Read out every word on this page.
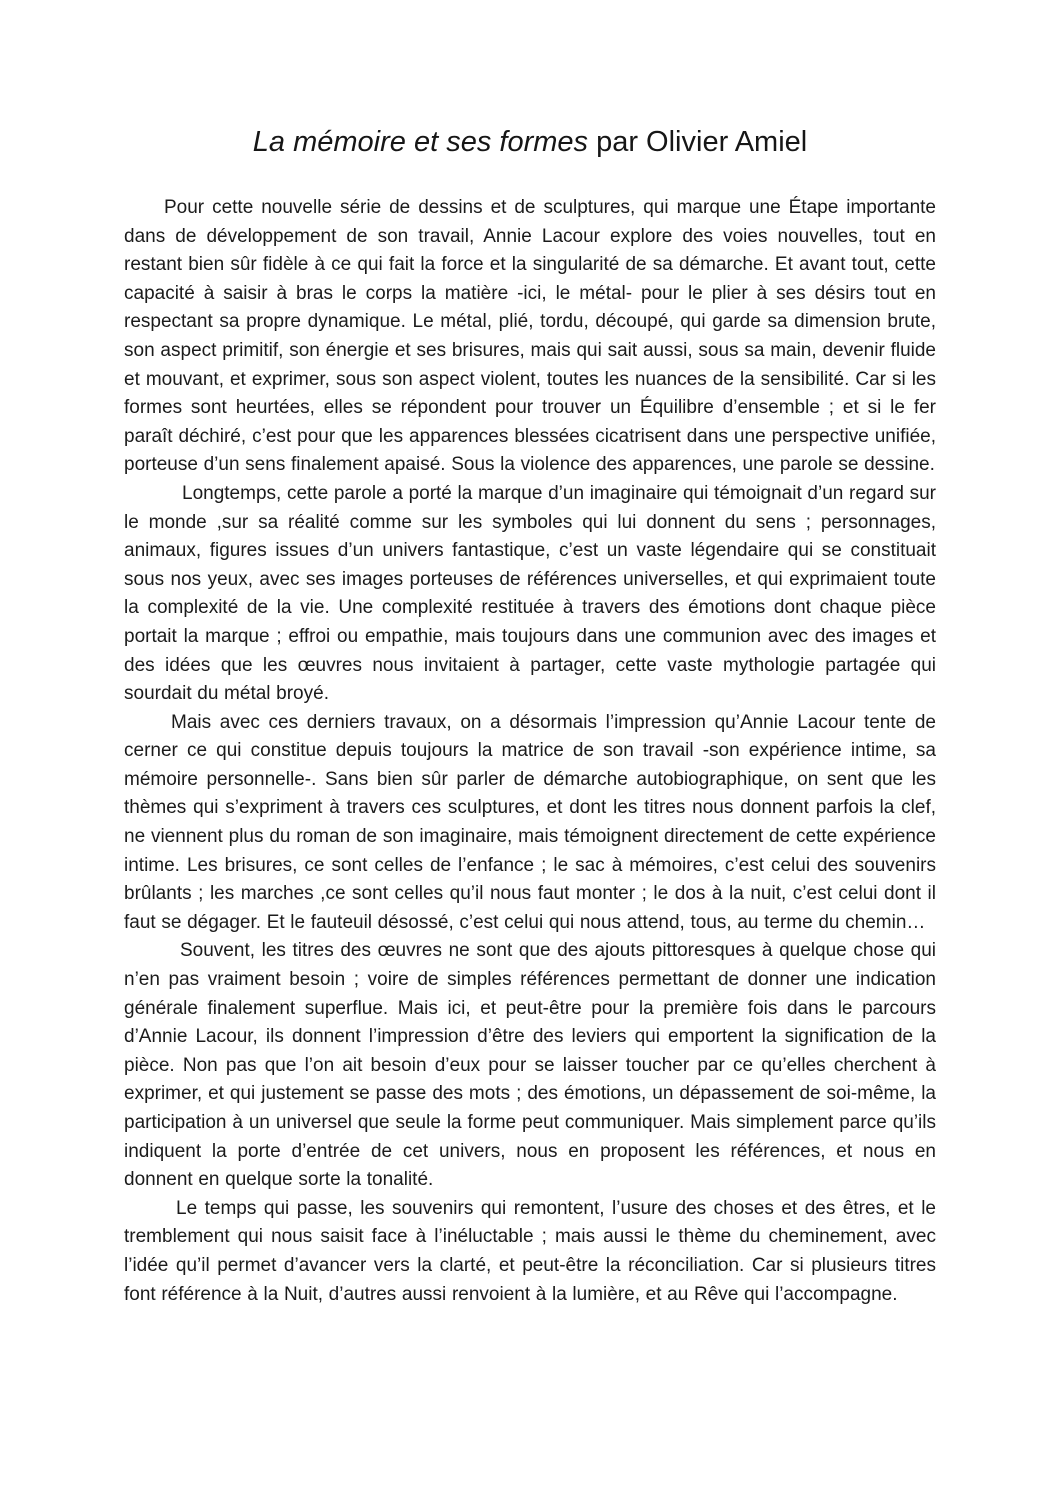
La mémoire et ses formes par Olivier Amiel

Pour cette nouvelle série de dessins et de sculptures, qui marque une Étape importante dans de développement de son travail, Annie Lacour explore des voies nouvelles, tout en restant bien sûr fidèle à ce qui fait la force et la singularité de sa démarche. Et avant tout, cette capacité à saisir à bras le corps la matière -ici, le métal- pour le plier à ses désirs tout en respectant sa propre dynamique. Le métal, plié, tordu, découpé, qui garde sa dimension brute, son aspect primitif, son énergie et ses brisures, mais qui sait aussi, sous sa main, devenir fluide et mouvant, et exprimer, sous son aspect violent, toutes les nuances de la sensibilité. Car si les formes sont heurtées, elles se répondent pour trouver un Équilibre d’ensemble ; et si le fer paraît déchiré, c’est pour que les apparences blessées cicatrisent dans une perspective unifiée, porteuse d’un sens finalement apaisé. Sous la violence des apparences, une parole se dessine.

Longtemps, cette parole a porté la marque d’un imaginaire qui témoignait d’un regard sur le monde ,sur sa réalité comme sur les symboles qui lui donnent du sens ; personnages, animaux, figures issues d’un univers fantastique, c’est un vaste légendaire qui se constituait sous nos yeux, avec ses images porteuses de références universelles, et qui exprimaient toute la complexité de la vie. Une complexité restituée à travers des émotions dont chaque pièce portait la marque ; effroi ou empathie, mais toujours dans une communion avec des images et des idées que les œuvres nous invitaient à partager, cette vaste mythologie partagée qui sourdait du métal broyé.

Mais avec ces derniers travaux, on a désormais l’impression qu’Annie Lacour tente de cerner ce qui constitue depuis toujours la matrice de son travail -son expérience intime, sa mémoire personnelle-. Sans bien sûr parler de démarche autobiographique, on sent que les thèmes qui s’expriment à travers ces sculptures, et dont les titres nous donnent parfois la clef, ne viennent plus du roman de son imaginaire, mais témoignent directement de cette expérience intime. Les brisures, ce sont celles de l’enfance ; le sac à mémoires, c’est celui des souvenirs brûlants ; les marches ,ce sont celles qu’il nous faut monter ; le dos à la nuit, c’est celui dont il faut se dégager. Et le fauteuil désossé, c’est celui qui nous attend, tous, au terme du chemin…

Souvent, les titres des œuvres ne sont que des ajouts pittoresques à quelque chose qui n’en pas vraiment besoin ; voire de simples références permettant de donner une indication générale finalement superflue. Mais ici, et peut-être pour la première fois dans le parcours d’Annie Lacour, ils donnent l’impression d’être des leviers qui emportent la signification de la pièce. Non pas que l’on ait besoin d’eux pour se laisser toucher par ce qu’elles cherchent à exprimer, et qui justement se passe des mots ; des émotions, un dépassement de soi-même, la participation à un universel que seule la forme peut communiquer. Mais simplement parce qu’ils indiquent la porte d’entrée de cet univers, nous en proposent les références, et nous en donnent en quelque sorte la tonalité.

Le temps qui passe, les souvenirs qui remontent, l’usure des choses et des êtres, et le tremblement qui nous saisit face à l’inéluctable ; mais aussi le thème du cheminement, avec l’idée qu’il permet d’avancer vers la clarté, et peut-être la réconciliation. Car si plusieurs titres font référence à la Nuit, d’autres aussi renvoient à la lumière, et au Rêve qui l’accompagne.
